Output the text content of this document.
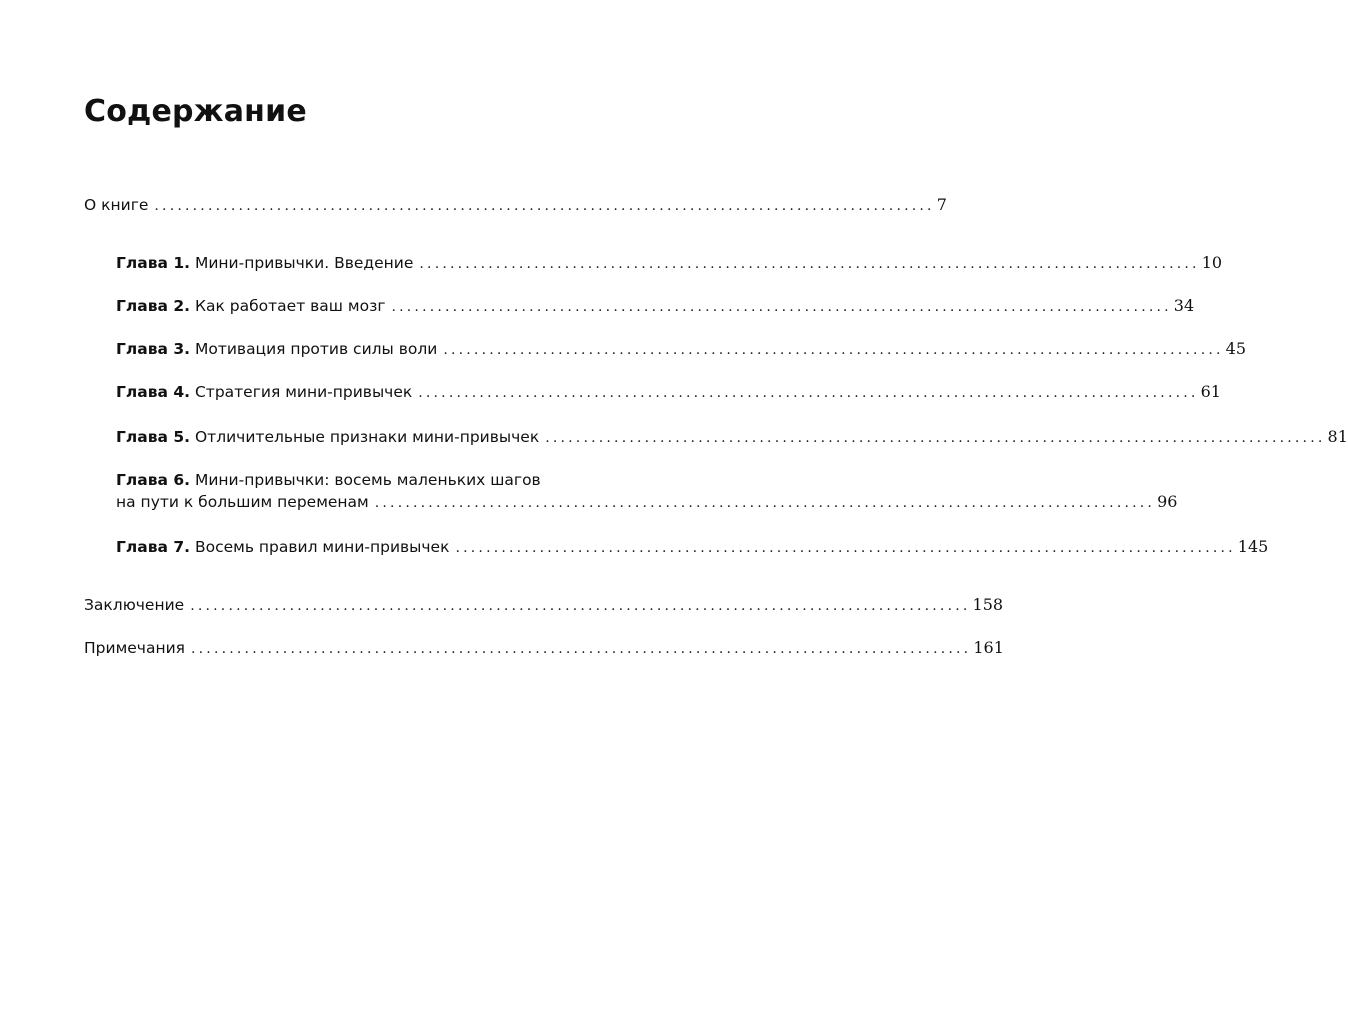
Содержание
О книге ...................................................................................................... 7
Глава 1. Мини-привычки. Введение ...................................................................................................... 10
Глава 2. Как работает ваш мозг ...................................................................................................... 34
Глава 3. Мотивация против силы воли ...................................................................................................... 45
Глава 4. Стратегия мини-привычек ...................................................................................................... 61
Глава 5. Отличительные признаки мини-привычек ...................................................................................................... 81
Глава 6. Мини-привычки: восемь маленьких шагов
на пути к большим переменам ...................................................................................................... 96
Глава 7. Восемь правил мини-привычек ...................................................................................................... 145
Заключение ...................................................................................................... 158
Примечания ...................................................................................................... 161
